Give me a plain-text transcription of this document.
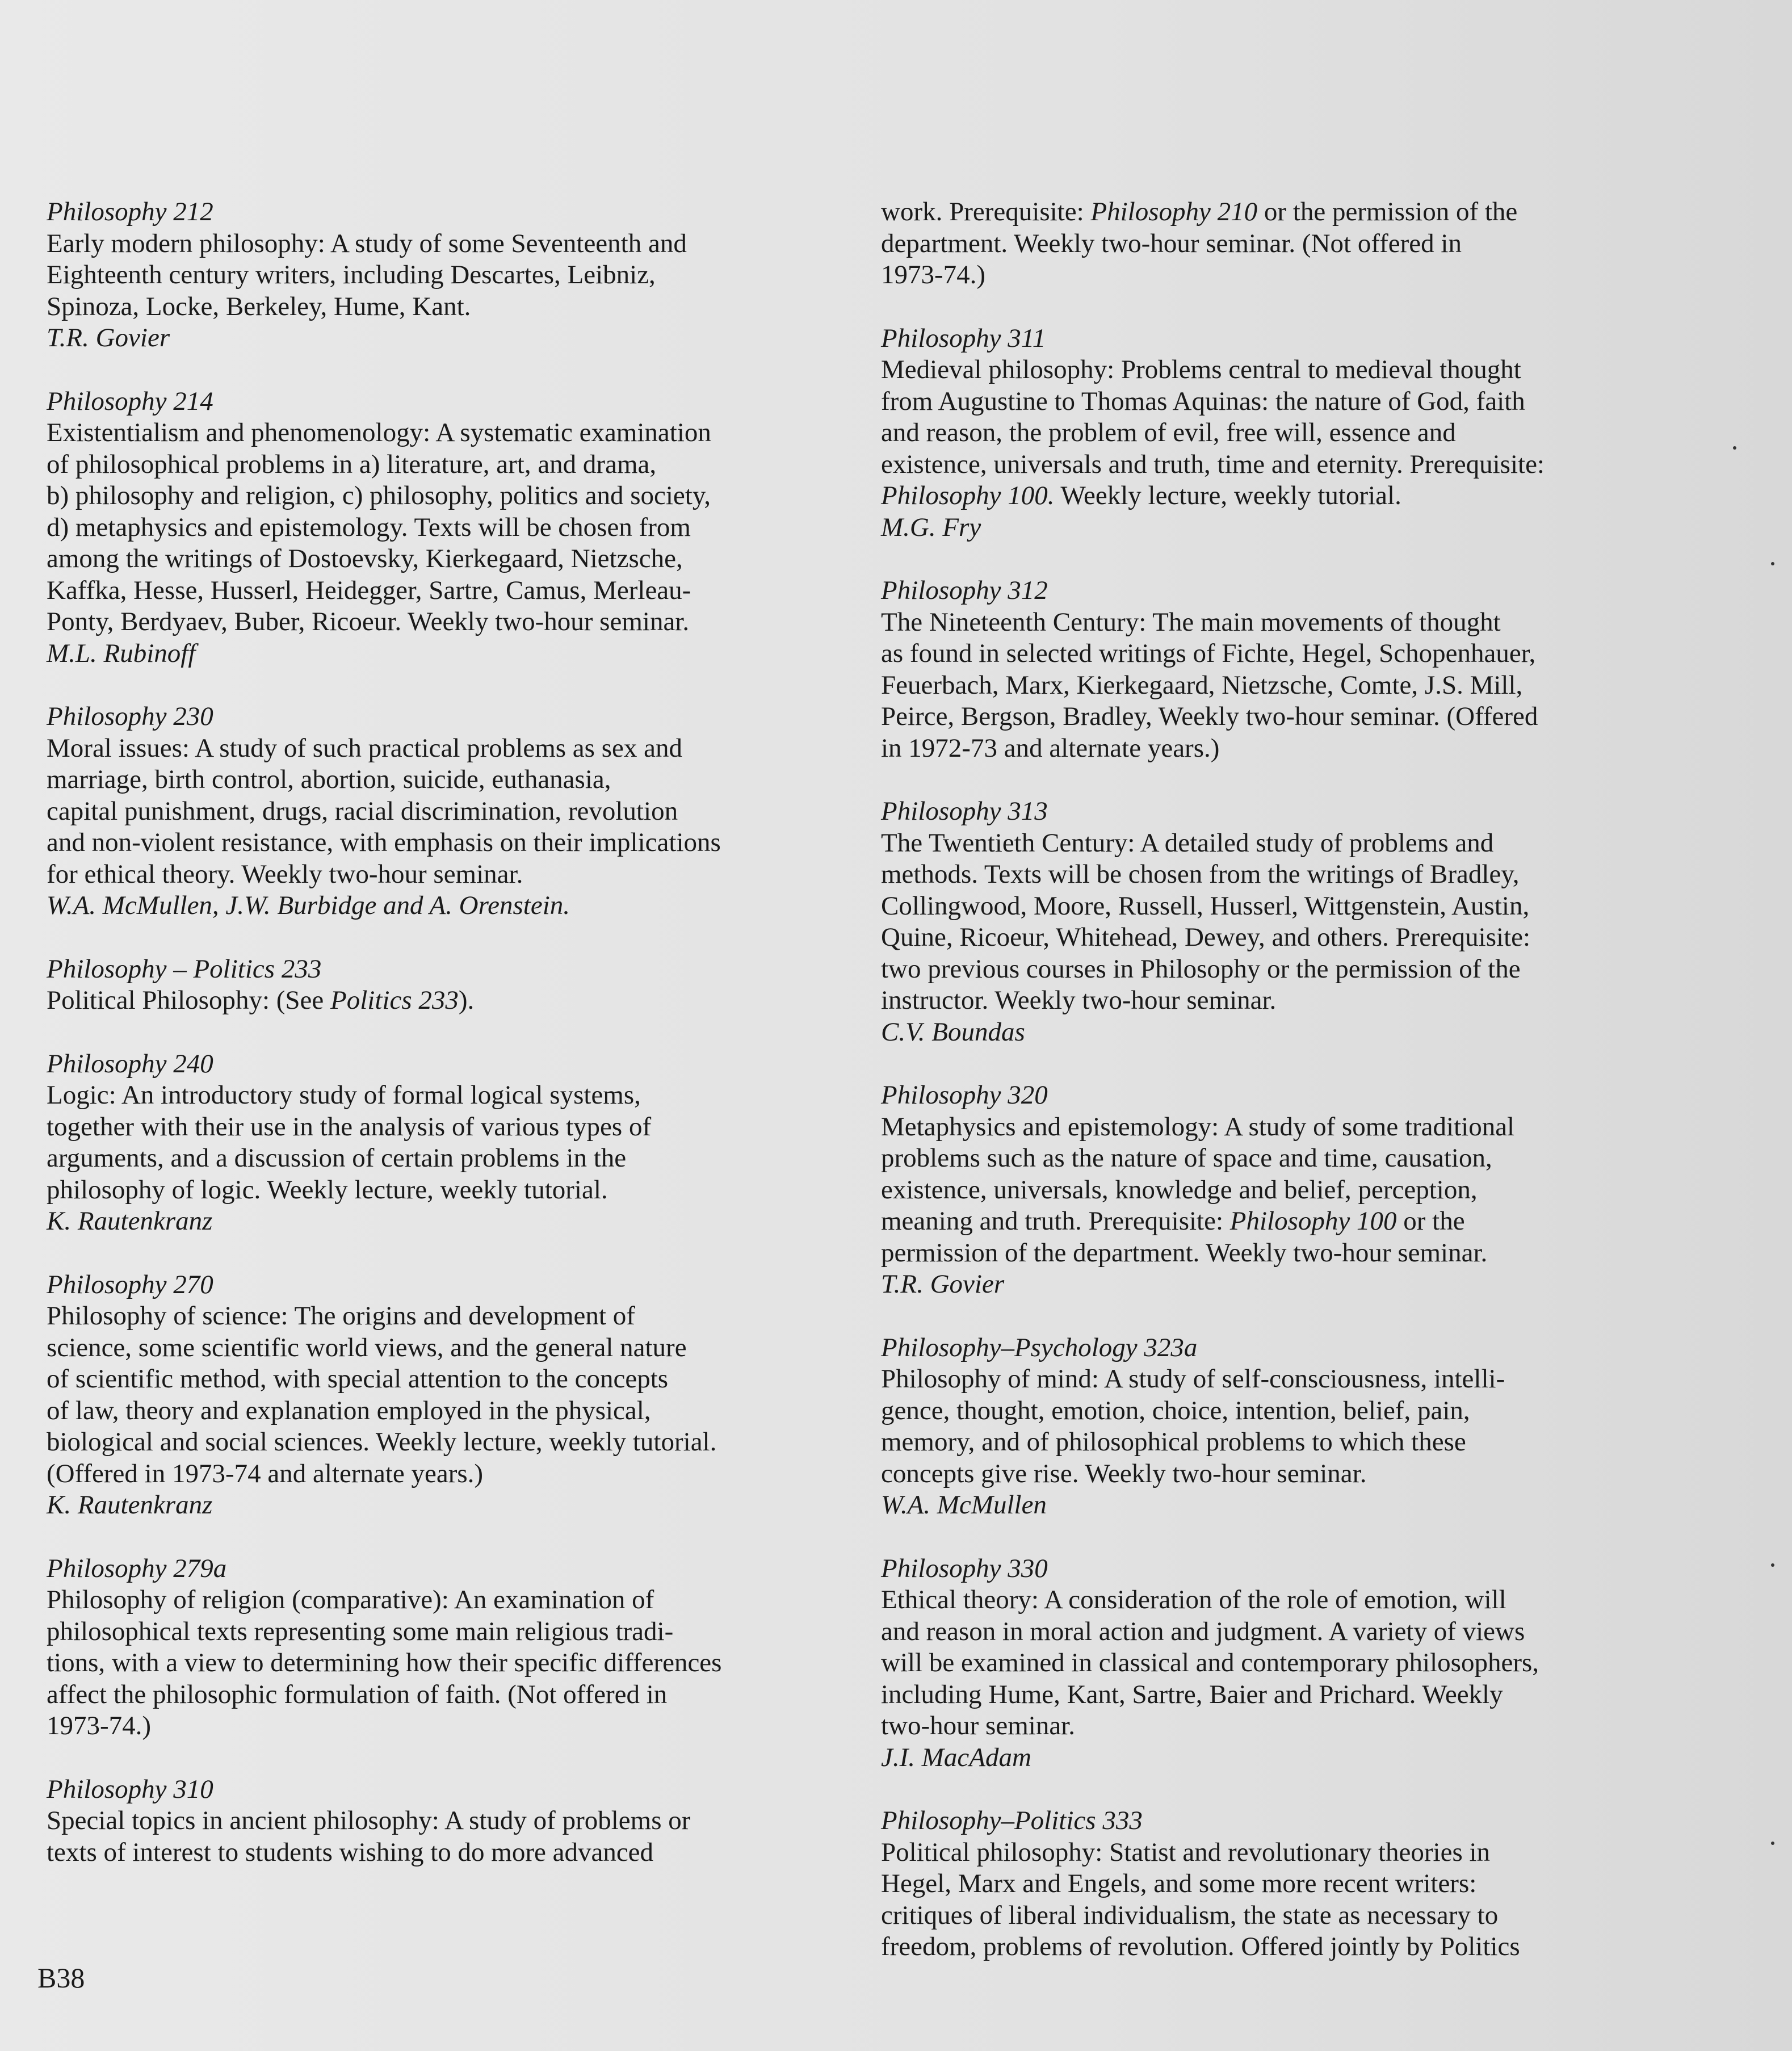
Philosophy 212
Early modern philosophy: A study of some Seventeenth and
Eighteenth century writers, including Descartes, Leibniz,
Spinoza, Locke, Berkeley, Hume, Kant.
T.R. Govier
Philosophy 214
Existentialism and phenomenology: A systematic examination
of philosophical problems in a) literature, art, and drama,
b) philosophy and religion, c) philosophy, politics and society,
d) metaphysics and epistemology. Texts will be chosen from
among the writings of Dostoevsky, Kierkegaard, Nietzsche,
Kaffka, Hesse, Husserl, Heidegger, Sartre, Camus, Merleau-
Ponty, Berdyaev, Buber, Ricoeur. Weekly two-hour seminar.
M.L. Rubinoff
Philosophy 230
Moral issues: A study of such practical problems as sex and
marriage, birth control, abortion, suicide, euthanasia,
capital punishment, drugs, racial discrimination, revolution
and non-violent resistance, with emphasis on their implications
for ethical theory. Weekly two-hour seminar.
W.A. McMullen, J.W. Burbidge and A. Orenstein.
Philosophy – Politics 233
Political Philosophy: (See Politics 233).
Philosophy 240
Logic: An introductory study of formal logical systems,
together with their use in the analysis of various types of
arguments, and a discussion of certain problems in the
philosophy of logic. Weekly lecture, weekly tutorial.
K. Rautenkranz
Philosophy 270
Philosophy of science: The origins and development of
science, some scientific world views, and the general nature
of scientific method, with special attention to the concepts
of law, theory and explanation employed in the physical,
biological and social sciences. Weekly lecture, weekly tutorial.
(Offered in 1973-74 and alternate years.)
K. Rautenkranz
Philosophy 279a
Philosophy of religion (comparative): An examination of
philosophical texts representing some main religious tradi-
tions, with a view to determining how their specific differences
affect the philosophic formulation of faith. (Not offered in
1973-74.)
Philosophy 310
Special topics in ancient philosophy: A study of problems or
texts of interest to students wishing to do more advanced
work. Prerequisite: Philosophy 210 or the permission of the
department. Weekly two-hour seminar. (Not offered in
1973-74.)
Philosophy 311
Medieval philosophy: Problems central to medieval thought
from Augustine to Thomas Aquinas: the nature of God, faith
and reason, the problem of evil, free will, essence and
existence, universals and truth, time and eternity. Prerequisite:
Philosophy 100. Weekly lecture, weekly tutorial.
M.G. Fry
Philosophy 312
The Nineteenth Century: The main movements of thought
as found in selected writings of Fichte, Hegel, Schopenhauer,
Feuerbach, Marx, Kierkegaard, Nietzsche, Comte, J.S. Mill,
Peirce, Bergson, Bradley, Weekly two-hour seminar. (Offered
in 1972-73 and alternate years.)
Philosophy 313
The Twentieth Century: A detailed study of problems and
methods. Texts will be chosen from the writings of Bradley,
Collingwood, Moore, Russell, Husserl, Wittgenstein, Austin,
Quine, Ricoeur, Whitehead, Dewey, and others. Prerequisite:
two previous courses in Philosophy or the permission of the
instructor. Weekly two-hour seminar.
C.V. Boundas
Philosophy 320
Metaphysics and epistemology: A study of some traditional
problems such as the nature of space and time, causation,
existence, universals, knowledge and belief, perception,
meaning and truth. Prerequisite: Philosophy 100 or the
permission of the department. Weekly two-hour seminar.
T.R. Govier
Philosophy–Psychology 323a
Philosophy of mind: A study of self-consciousness, intelli-
gence, thought, emotion, choice, intention, belief, pain,
memory, and of philosophical problems to which these
concepts give rise. Weekly two-hour seminar.
W.A. McMullen
Philosophy 330
Ethical theory: A consideration of the role of emotion, will
and reason in moral action and judgment. A variety of views
will be examined in classical and contemporary philosophers,
including Hume, Kant, Sartre, Baier and Prichard. Weekly
two-hour seminar.
J.I. MacAdam
Philosophy–Politics 333
Political philosophy: Statist and revolutionary theories in
Hegel, Marx and Engels, and some more recent writers:
critiques of liberal individualism, the state as necessary to
freedom, problems of revolution. Offered jointly by Politics
B38
